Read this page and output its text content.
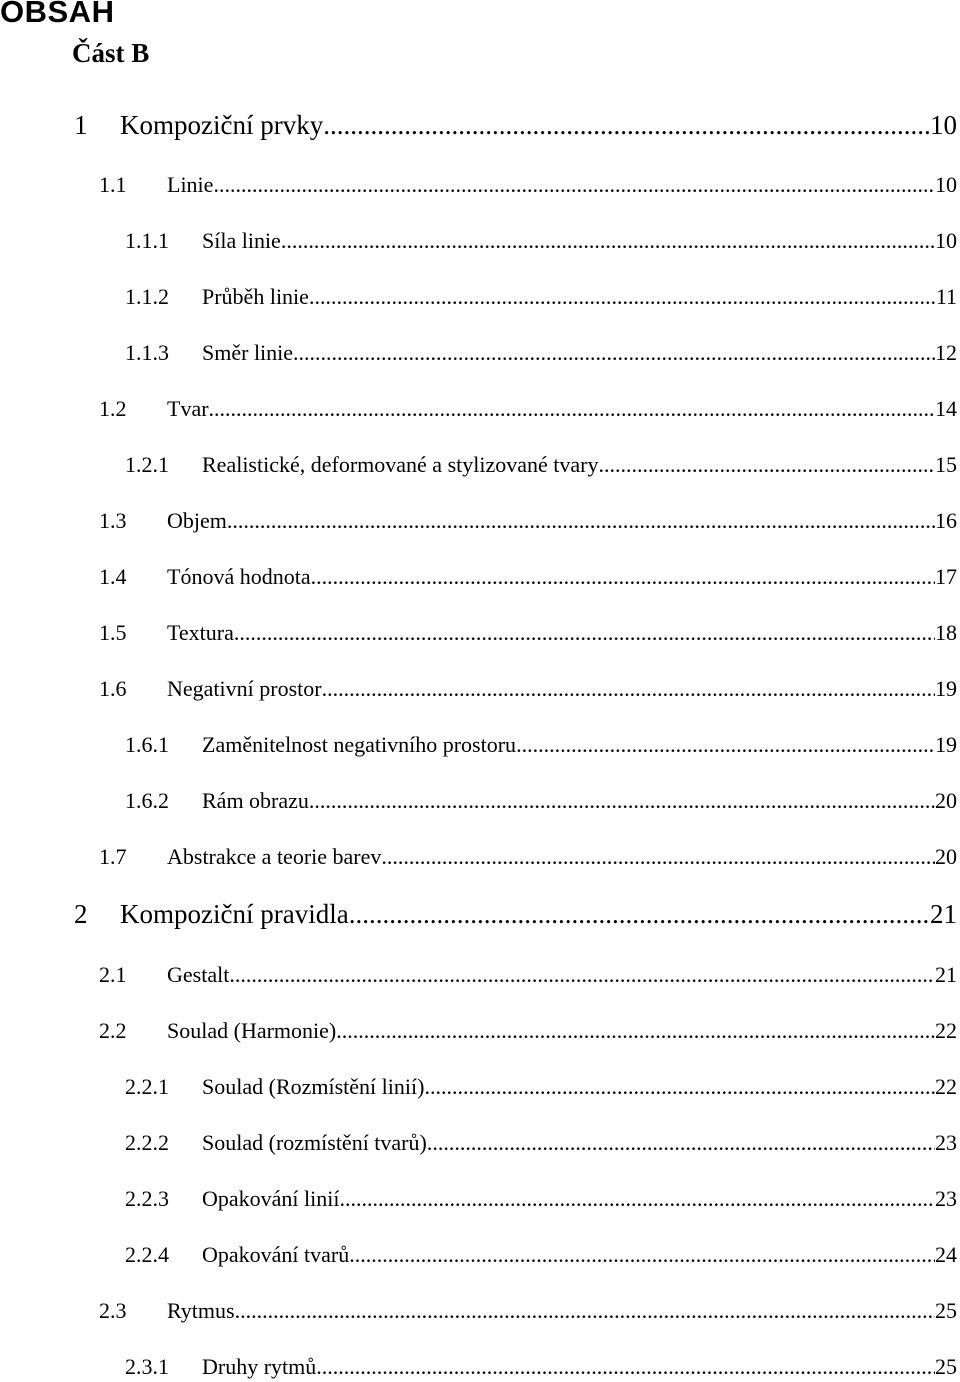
OBSAH
Část B
1	Kompoziční prvky .....	10
1.1	Linie .....	10
1.1.1	Síla linie .....	10
1.1.2	Průběh linie .....	11
1.1.3	Směr linie .....	12
1.2	Tvar .....	14
1.2.1	Realistické, deformované a stylizované tvary .....	15
1.3	Objem .....	16
1.4	Tónová hodnota .....	17
1.5	Textura .....	18
1.6	Negativní prostor .....	19
1.6.1	Zaměnitelnost negativního prostoru .....	19
1.6.2	Rám obrazu .....	20
1.7	Abstrakce a teorie barev .....	20
2	Kompoziční pravidla .....	21
2.1	Gestalt .....	21
2.2	Soulad (Harmonie) .....	22
2.2.1	Soulad (Rozmístění linií) .....	22
2.2.2	Soulad (rozmístění tvarů) .....	23
2.2.3	Opakování linií .....	23
2.2.4	Opakování tvarů .....	24
2.3	Rytmus .....	25
2.3.1	Druhy rytmů .....	25
